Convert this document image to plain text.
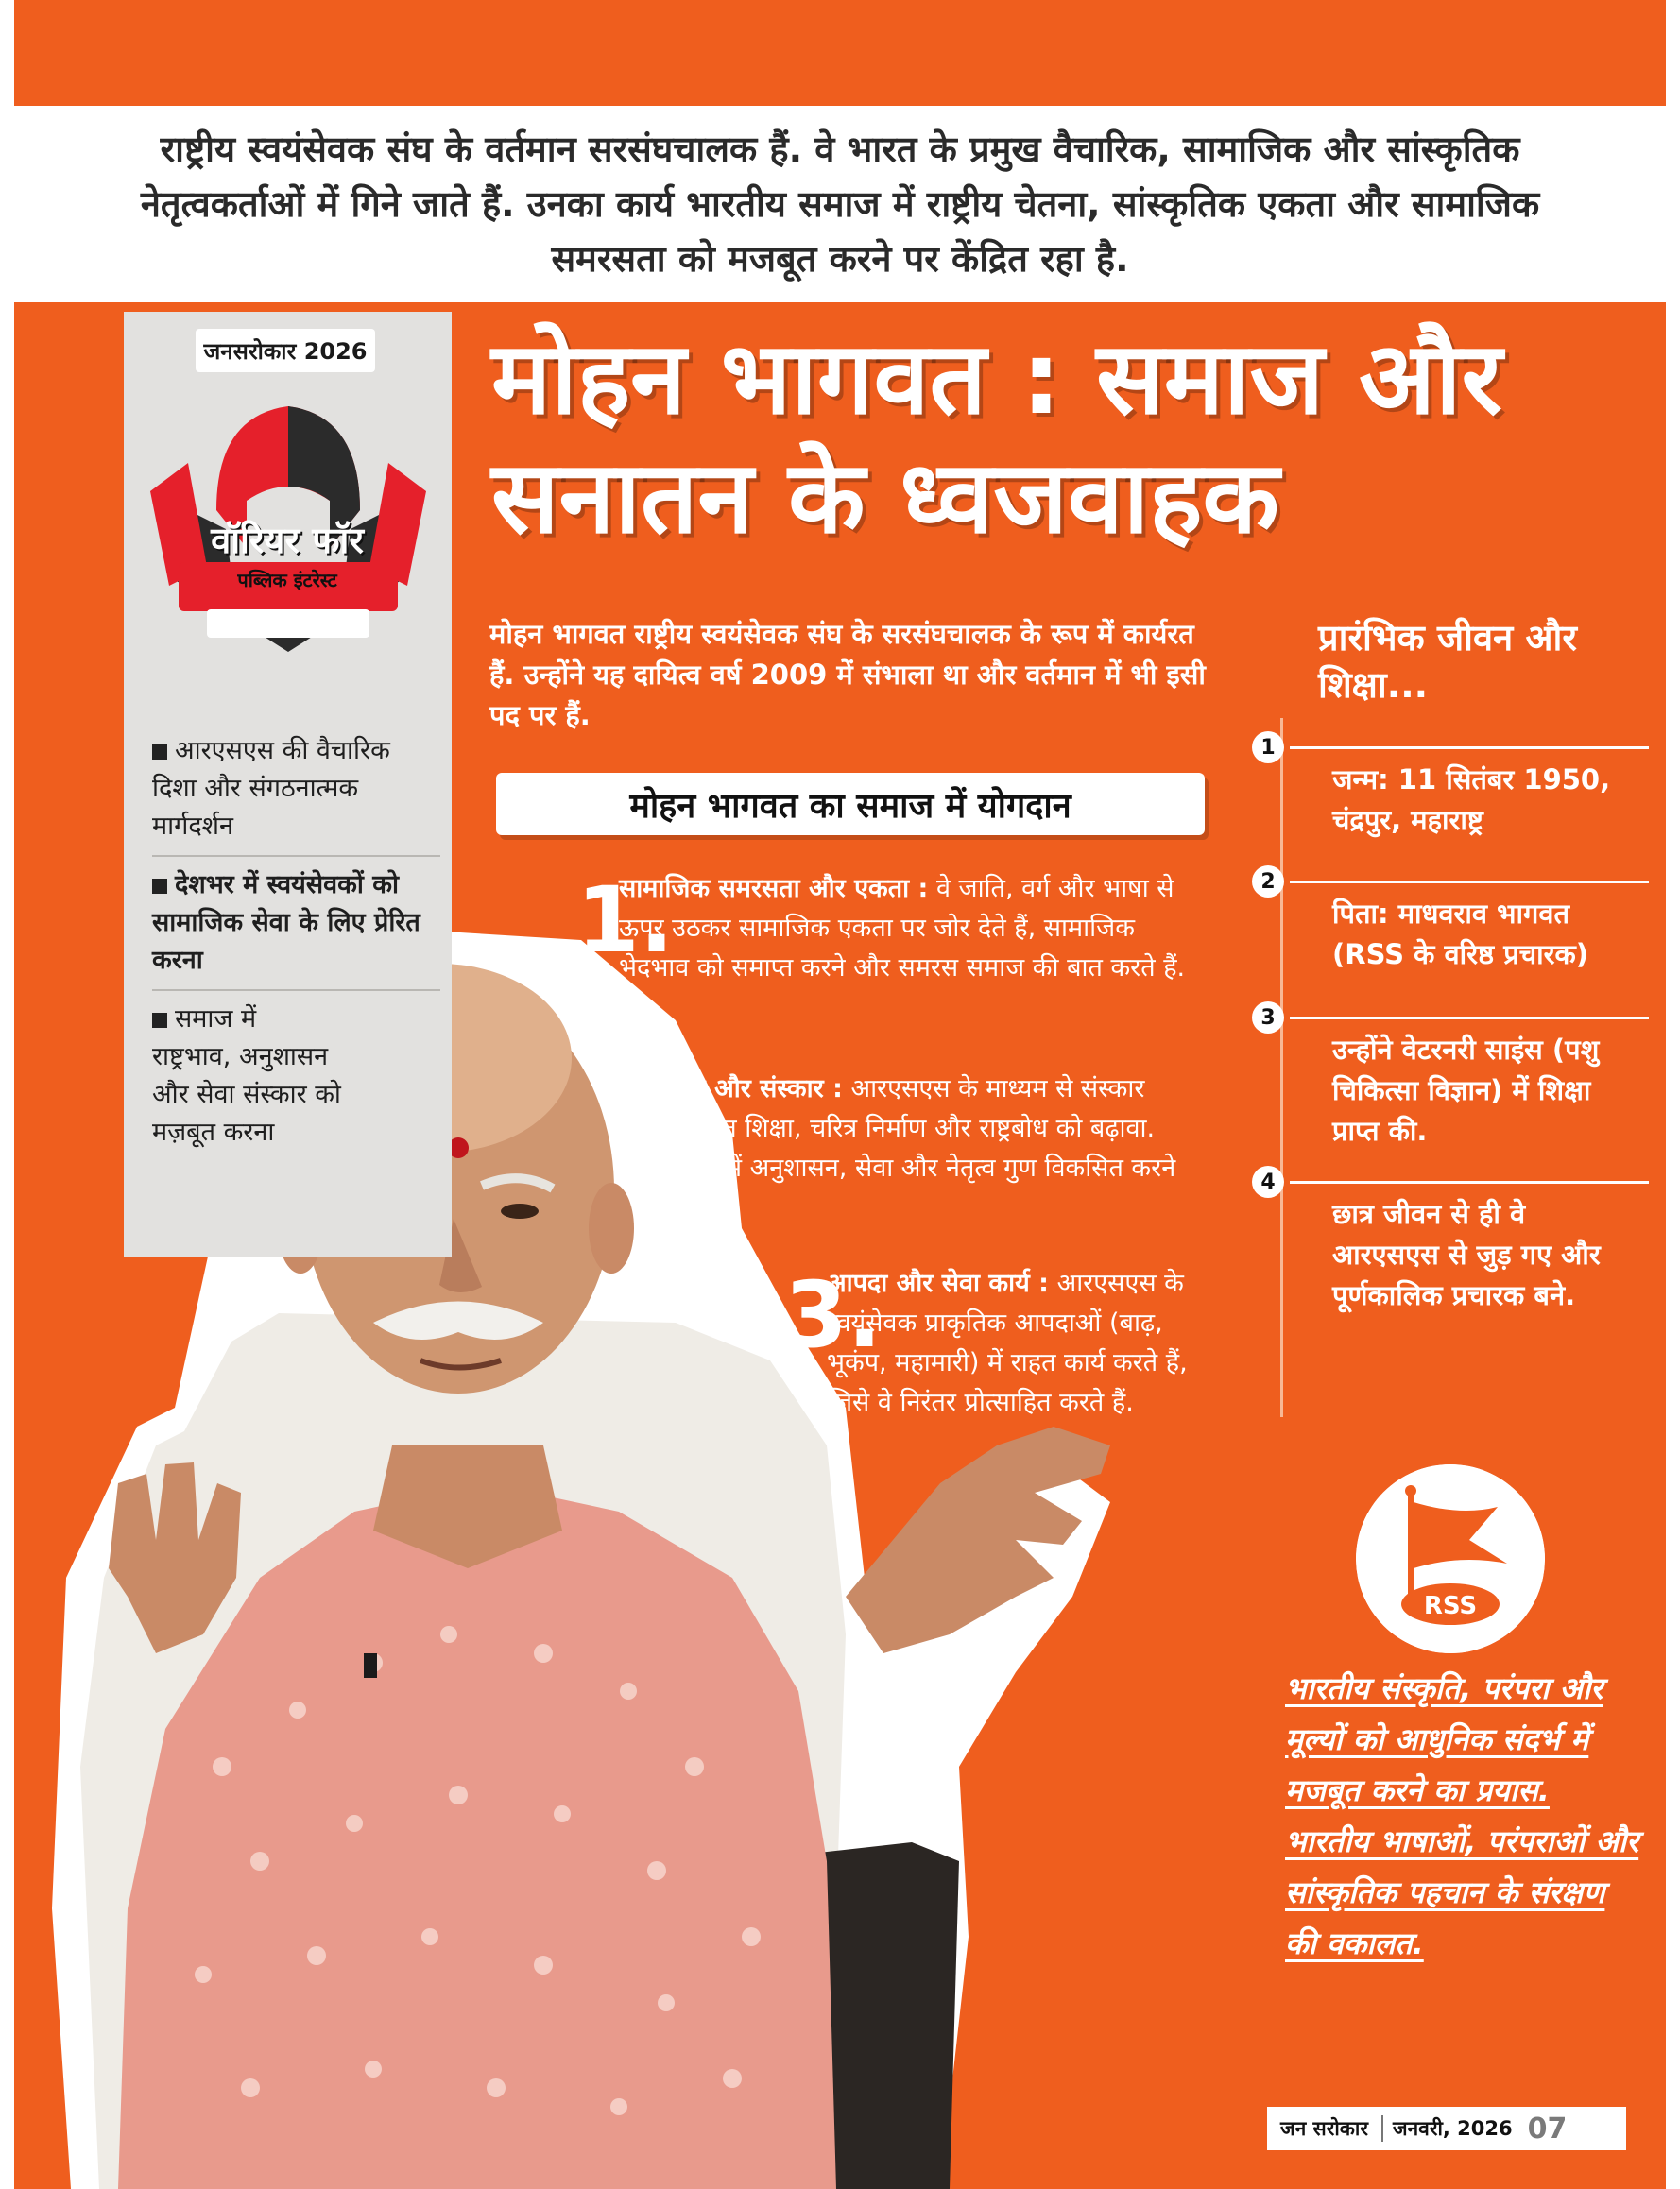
राष्ट्रीय स्वयंसेवक संघ के वर्तमान सरसंघचालक हैं. वे भारत के प्रमुख वैचारिक, सामाजिक और सांस्कृतिक नेतृत्वकर्ताओं में गिने जाते हैं. उनका कार्य भारतीय समाज में राष्ट्रीय चेतना, सांस्कृतिक एकता और सामाजिक समरसता को मजबूत करने पर केंद्रित रहा है.

जनसरोकार 2026
वॉरियर फॉर
पब्लिक इंटरेस्ट
आरएसएस की वैचारिक दिशा और संगठनात्मक मार्गदर्शन
देशभर में स्वयंसेवकों को सामाजिक सेवा के लिए प्रेरित करना
समाज में राष्ट्रभाव, अनुशासन और सेवा संस्कार को मज़बूत करना
मोहन भागवत : समाज और सनातन के ध्वजवाहक
मोहन भागवत राष्ट्रीय स्वयंसेवक संघ के सरसंघचालक के रूप में कार्यरत हैं. उन्होंने यह दायित्व वर्ष 2009 में संभाला था और वर्तमान में भी इसी पद पर हैं.
मोहन भागवत का समाज में योगदान
1.
सामाजिक समरसता और एकता : वे जाति, वर्ग और भाषा से ऊपर उठकर सामाजिक एकता पर जोर देते हैं, सामाजिक भेदभाव को समाप्त करने और समरस समाज की बात करते हैं.
2.
शिक्षा और संस्कार : आरएसएस के माध्यम से संस्कार आधारित शिक्षा, चरित्र निर्माण और राष्ट्रबोध को बढ़ावा. युवाओं में अनुशासन, सेवा और नेतृत्व गुण विकसित करने पर बल.
3.
आपदा और सेवा कार्य : आरएसएस के स्वयंसेवक प्राकृतिक आपदाओं (बाढ़, भूकंप, महामारी) में राहत कार्य करते हैं, जिसे वे निरंतर प्रोत्साहित करते हैं.
प्रारंभिक जीवन और शिक्षा...
1
जन्म: 11 सितंबर 1950, चंद्रपुर, महाराष्ट्र
2
पिता: माधवराव भागवत (RSS के वरिष्ठ प्रचारक)
3
उन्होंने वेटरनरी साइंस (पशु चिकित्सा विज्ञान) में शिक्षा प्राप्त की.
4
छात्र जीवन से ही वे आरएसएस से जुड़ गए और पूर्णकालिक प्रचारक बने.
RSS
भारतीय संस्कृति, परंपरा और मूल्यों को आधुनिक संदर्भ में मजबूत करने का प्रयास. भारतीय भाषाओं, परंपराओं और सांस्कृतिक पहचान के संरक्षण की वकालत.
जन सरोकार	जनवरी, 2026 07
